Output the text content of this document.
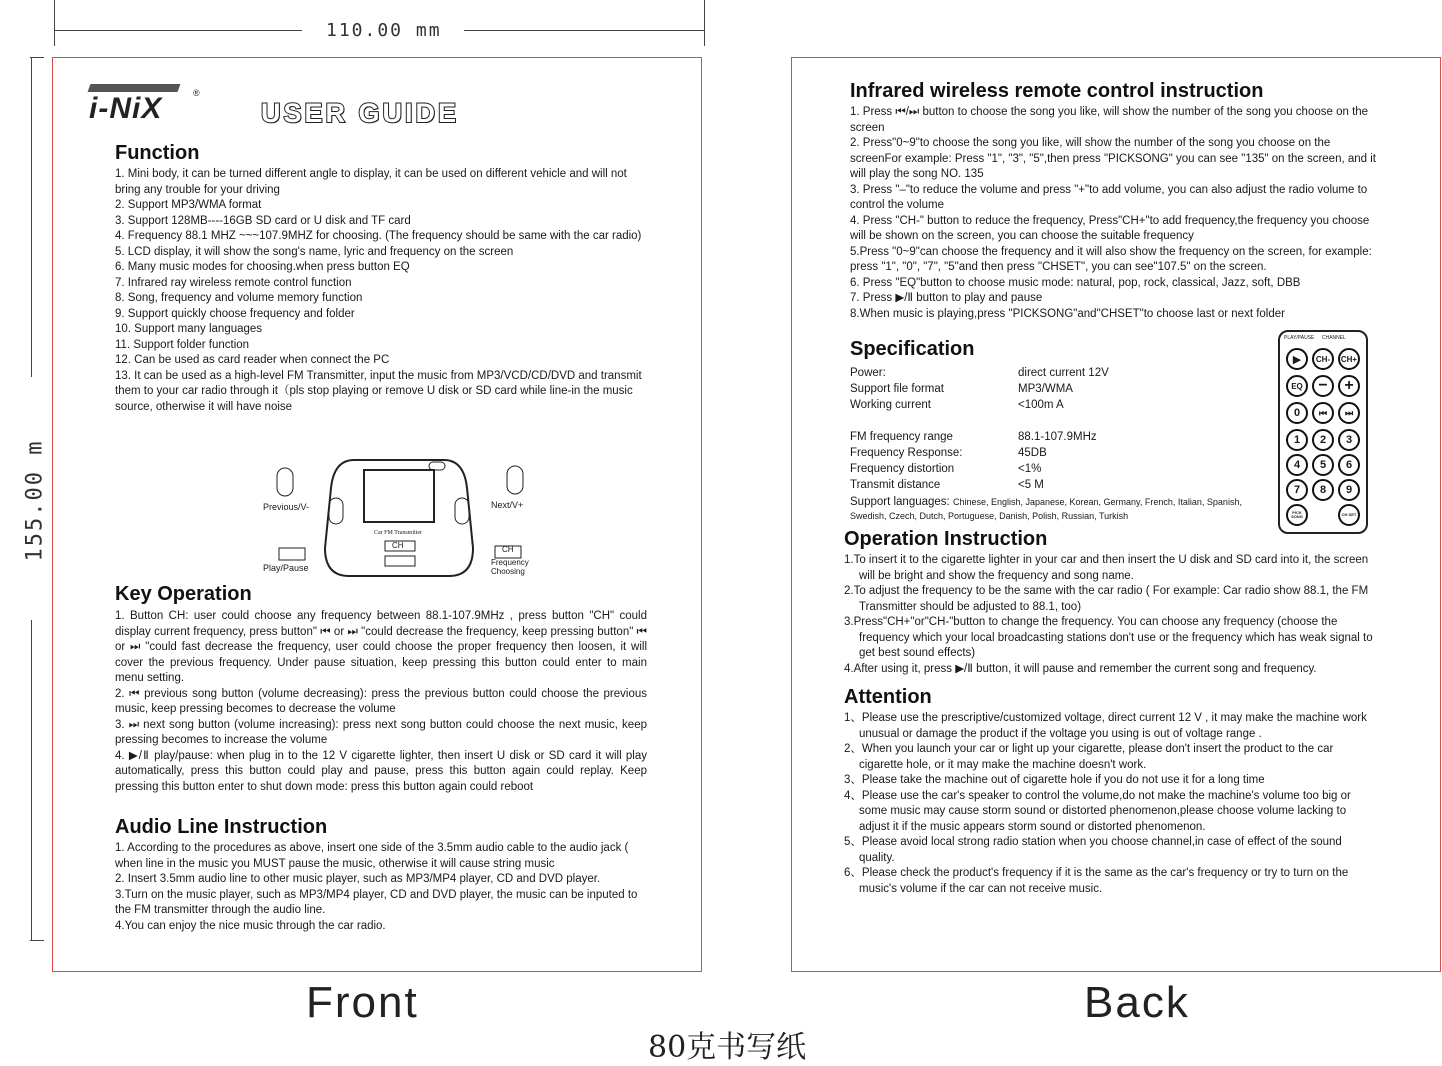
110.00 mm
155.00 m
i-NiX	®
USER GUIDE
Function
1. Mini body, it can be turned different angle to display, it can be used on different vehicle and will not bring any trouble for your driving
2. Support MP3/WMA format
3. Support 128MB----16GB SD card or U disk and TF card
4. Frequency 88.1 MHZ ~~~107.9MHZ for choosing. (The frequency should be same with the car radio)
5. LCD display, it will show the song's name, lyric and frequency on the screen
6. Many music modes for choosing.when press button EQ
7. Infrared ray wireless remote control function
8. Song, frequency and volume memory function
9. Support quickly choose frequency and folder
10. Support many languages
11. Support folder function
12. Can be used as card reader when connect the PC
13. It can be used as a high-level FM Transmitter, input the music from MP3/VCD/CD/DVD and transmit them to your car radio through it（pls stop playing or remove U disk or SD card while line-in the music source, otherwise it will have noise
Car FM Transmitter
CH	CH
Previous/V-	Next/V+
Play/Pause
Frequency Choosing
Key Operation

1. Button CH: user could choose any frequency between 88.1-107.9MHz , press button "CH" could display current frequency, press button" ⏮ or ⏭ "could decrease the frequency, keep pressing button" ⏮ or ⏭ "could fast decrease the frequency, user could choose the proper frequency then loosen, it will cover the previous frequency. Under pause situation, keep pressing this button could enter to main menu setting.

2. ⏮ previous song button (volume decreasing): press the previous button could choose the previous music, keep pressing becomes to decrease the volume

3. ⏭ next song button (volume increasing): press next song button could choose the next music, keep pressing becomes to increase the volume

4. ▶/Ⅱ play/pause: when plug in to the 12 V cigarette lighter, then insert U disk or SD card it will play automatically, press this button could play and pause, press this button again could replay. Keep pressing this button enter to shut down mode: press this button again could reboot

Audio Line Instruction
1. According to the procedures as above, insert one side of the 3.5mm audio cable to the audio jack ( when line in the music you MUST pause the music, otherwise it will cause string music
2. Insert 3.5mm audio line to other music player, such as MP3/MP4 player, CD and DVD player.
3.Turn on the music player, such as MP3/MP4 player, CD and DVD player, the music can be inputed to the FM transmitter through the audio line.
4.You can enjoy the nice music through the car radio.
Infrared wireless remote control instruction
1. Press ⏮/⏭ button to choose the song you like, will show the number of the song you choose on the screen
2. Press"0~9"to choose the song you like, will show the number of the song you choose on the screenFor example: Press "1", "3", "5",then press "PICKSONG" you can see "135" on the screen, and it will play the song NO. 135
3. Press "–"to reduce the volume and press "+"to add volume, you can also adjust the radio volume to control the volume
4. Press "CH-" button to reduce the frequency, Press"CH+"to add frequency,the frequency you choose will be shown on the screen, you can choose the suitable frequency
5.Press "0~9"can choose the frequency and it will also show the frequency on the screen, for example: press "1", "0", "7", "5"and then press "CHSET", you can see"107.5" on the screen.
6. Press "EQ"button to choose music mode: natural, pop, rock, classical, Jazz, soft, DBB
7. Press ▶/Ⅱ button to play and pause
8.When music is playing,press "PICKSONG"and"CHSET"to choose last or next folder
Specification
Power:	direct current 12V
Support file format	MP3/WMA
Working current	<100m A
FM frequency range	88.1-107.9MHz
Frequency Response:	45DB
Frequency distortion	<1%
Transmit distance	<5 M
Support languages: Chinese, English, Japanese, Korean, Germany, French, Italian, Spanish, Swedish, Czech, Dutch, Portuguese, Danish, Polish, Russian, Turkish
PLAY/PAUSE CHANNEL
▶	CH-	CH+
EQ −	+
0	⏮ ⏭
1	2	3
4	5	6
7	8	9
PICK SONG	CH SET
Operation Instruction
1.To insert it to the cigarette lighter in your car and then insert the U disk and SD card into it, the screen will be bright and show the frequency and song name.
2.To adjust the frequency to be the same with the car radio ( For example: Car radio show 88.1, the FM Transmitter should be adjusted to 88.1, too)
3.Press"CH+"or"CH-"button to change the frequency. You can choose any frequency (choose the frequency which your local broadcasting stations don't use or the frequency which has weak signal to get best sound effects)
4.After using it, press ▶/Ⅱ button, it will pause and remember the current song and frequency.
Attention
1、Please use the prescriptive/customized voltage, direct current 12 V , it may make the machine work unusual or damage the product if the voltage you using is out of voltage range .
2、When you launch your car or light up your cigarette, please don't insert the product to the car cigarette hole, or it may make the machine doesn't work.
3、Please take the machine out of cigarette hole if you do not use it for a long time
4、Please use the car's speaker to control the volume,do not make the machine's volume too big or some music may cause storm sound or distorted phenomenon,please choose volume lacking to adjust it if the music appears storm sound or distorted phenomenon.
5、Please avoid local strong radio station when you choose channel,in case of effect of the sound quality.
6、Please check the product's frequency if it is the same as the car's frequency or try to turn on the music's volume if the car can not receive music.
Front	Back
80克书写纸
